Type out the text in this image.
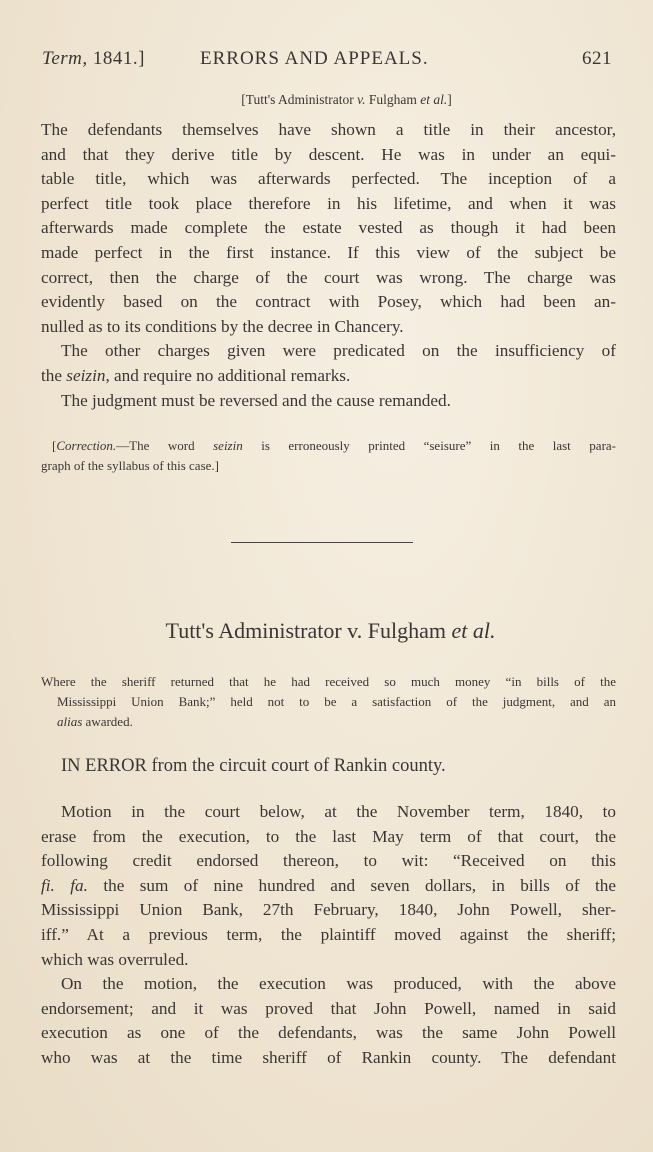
Term, 1841.]	ERRORS AND APPEALS.	621
[Tutt's Administrator v. Fulgham et al.]
The defendants themselves have shown a title in their ancestor,
and that they derive title by descent. He was in under an equi-
table title, which was afterwards perfected. The inception of a
perfect title took place therefore in his lifetime, and when it was
afterwards made complete the estate vested as though it had been
made perfect in the first instance. If this view of the subject be
correct, then the charge of the court was wrong. The charge was
evidently based on the contract with Posey, which had been an-
nulled as to its conditions by the decree in Chancery.
The other charges given were predicated on the insufficiency of
the seizin, and require no additional remarks.
The judgment must be reversed and the cause remanded.
[Correction.—The word seizin is erroneously printed “seisure” in the last para-
graph of the syllabus of this case.]
Tutt's Administrator v. Fulgham et al.
Where the sheriff returned that he had received so much money “in bills of the
Mississippi Union Bank;” held not to be a satisfaction of the judgment, and an
alias awarded.
IN ERROR from the circuit court of Rankin county.
Motion in the court below, at the November term, 1840, to
erase from the execution, to the last May term of that court, the
following credit endorsed thereon, to wit: “Received on this
fi. fa. the sum of nine hundred and seven dollars, in bills of the
Mississippi Union Bank, 27th February, 1840, John Powell, sher-
iff.” At a previous term, the plaintiff moved against the sheriff;
which was overruled.
On the motion, the execution was produced, with the above
endorsement; and it was proved that John Powell, named in said
execution as one of the defendants, was the same John Powell
who was at the time sheriff of Rankin county. The defendant
